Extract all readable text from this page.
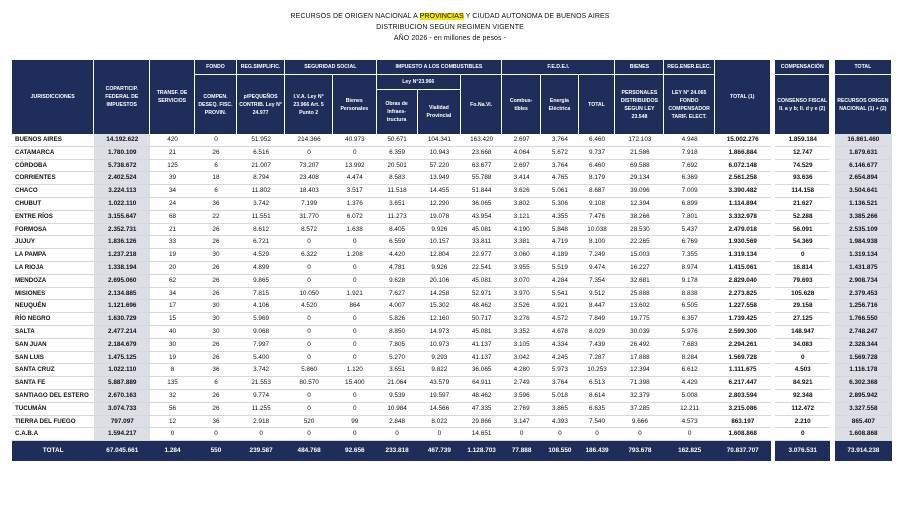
RECURSOS DE ORIGEN NACIONAL A PROVINCIAS Y CIUDAD AUTONOMA DE BUENOS AIRES
DISTRIBUCION SEGÚN REGIMEN VIGENTE
AÑO 2026 - en millones de pesos -
JURISDICCIONES	COPARTICIP. FEDERAL DE IMPUESTOS	TRANSF. DE SERVICIOS	FONDO	REG.SIMPLIFIC.	SEGURIDAD SOCIAL		IMPUESTO A LOS COMBUSTIBLES			F.E.D.E.I.			BIENES	REG.ENER.ELEC.	TOTAL (1)		COMPENSACIÓN		TOTAL
			COMPEN. DESEQ. FISC. PROVIN.	p/PEQUEÑOS CONTRIB. Ley N° 24.977	I.V.A. Ley N° 23.966 Art. 5 Punto 2	Bienes Personales	Ley N°23.966		Fo.Na.Vi.	Combus- tibles	Energía Eléctrica	TOTAL	PERSONALES DISTRIBUIDOS SEGUN LEY 23.548	LEY N° 24.065 FONDO COMPENSADOR TARIF. ELECT.			CONSENSO FISCAL II. a y b; II. d y e (2)		RECURSOS ORIGEN NACIONAL (1) + (2)
							Obras de Infraes- tructura	Vialidad Provincial											
BUENOS AIRES	14.192.622	420	0	51.952	214.366	40.973	50.671	104.341	163.420	2.697	3.764	6.460	172.103	4.948	15.002.276		1.859.184		16.861.460
CATAMARCA	1.780.109	21	26	6.516	0	0	6.359	10.943	23.668	4.064	5.672	9.737	21.586	7.918	1.866.884		12.747		1.879.631
CÓRDOBA	5.738.672	125	6	21.007	73.207	13.992	20.501	57.220	63.677	2.697	3.764	6.460	69.588	7.692	6.072.148		74.529		6.146.677
CORRIENTES	2.402.524	39	18	8.794	23.408	4.474	8.583	13.949	55.788	3.414	4.765	8.179	29.134	6.369	2.561.258		93.636		2.654.894
CHACO	3.224.113	34	6	11.802	18.403	3.517	11.518	14.455	51.844	3.626	5.061	8.687	39.096	7.009	3.390.482		114.158		3.504.641
CHUBUT	1.022.110	24	36	3.742	7.199	1.376	3.651	12.290	36.065	3.802	5.306	9.108	12.394	6.899	1.114.894		21.627		1.136.521
ENTRE RÍOS	3.155.647	68	22	11.551	31.770	6.072	11.273	19.078	43.954	3.121	4.355	7.476	38.266	7.801	3.332.978		52.288		3.385.266
FORMOSA	2.352.731	21	26	8.612	8.572	1.638	8.405	9.926	45.081	4.190	5.848	10.038	28.530	5.437	2.479.018		56.091		2.535.109
JUJUY	1.836.126	33	26	6.721	0	0	6.559	10.157	33.811	3.381	4.719	8.100	22.265	6.769	1.930.569		54.369		1.984.938
LA PAMPA	1.237.218	19	30	4.529	6.322	1.208	4.420	12.804	22.977	3.060	4.189	7.249	15.003	7.355	1.319.134		0		1.319.134
LA RIOJA	1.338.194	20	26	4.899	0	0	4.781	9.926	22.541	3.955	5.519	9.474	16.227	8.974	1.415.061		16.814		1.431.875
MENDOZA	2.695.060	62	26	9.865	0	0	9.628	20.106	45.081	3.070	4.284	7.354	32.681	9.178	2.829.040		79.693		2.908.734
MISIONES	2.134.885	34	26	7.815	10.050	1.921	7.627	14.258	52.971	3.970	5.541	9.512	25.888	8.838	2.273.825		105.628		2.379.453
NEUQUÉN	1.121.696	17	30	4.106	4.520	864	4.007	15.302	48.462	3.526	4.921	8.447	13.602	6.505	1.227.558		29.158		1.256.716
RÍO NEGRO	1.630.729	15	30	5.969	0	0	5.826	12.160	50.717	3.276	4.572	7.849	19.775	6.357	1.739.425		27.125		1.766.550
SALTA	2.477.214	40	30	9.068	0	0	8.850	14.973	45.081	3.352	4.678	8.029	30.039	5.976	2.599.300		148.947		2.748.247
SAN JUAN	2.184.679	30	26	7.997	0	0	7.805	10.973	41.137	3.105	4.334	7.439	26.492	7.683	2.294.261		34.083		2.328.344
SAN LUIS	1.475.125	19	26	5.400	0	0	5.270	9.293	41.137	3.042	4.245	7.287	17.888	8.284	1.569.728		0		1.569.728
SANTA CRUZ	1.022.110	8	36	3.742	5.860	1.120	3.651	9.822	36.065	4.280	5.973	10.253	12.394	6.612	1.111.675		4.503		1.116.178
SANTA FE	5.887.889	135	6	21.553	80.570	15.400	21.064	43.579	64.911	2.749	3.764	6.513	71.398	4.429	6.217.447		84.921		6.302.368
SANTIAGO DEL ESTERO	2.670.163	32	26	9.774	0	0	9.539	19.597	48.462	3.596	5.018	8.614	32.379	5.008	2.803.594		92.348		2.895.942
TUCUMÁN	3.074.733	56	26	11.255	0	0	10.984	14.566	47.335	2.769	3.865	6.635	37.285	12.211	3.215.086		112.472		3.327.558
TIERRA DEL FUEGO	797.097	12	36	2.918	520	99	2.848	8.022	29.866	3.147	4.393	7.540	9.666	4.573	863.197		2.210		865.407
C.A.B.A	1.594.217	0	0	0	0	0	0	0	14.651	0	0	0	0	0	1.608.868		0		1.608.868
TOTAL	67.045.661	1.284	550	239.587	484.768	92.656	233.818	467.739	1.128.703	77.888	108.550	186.439	793.678	162.825	70.837.707		3.076.531		73.914.238
